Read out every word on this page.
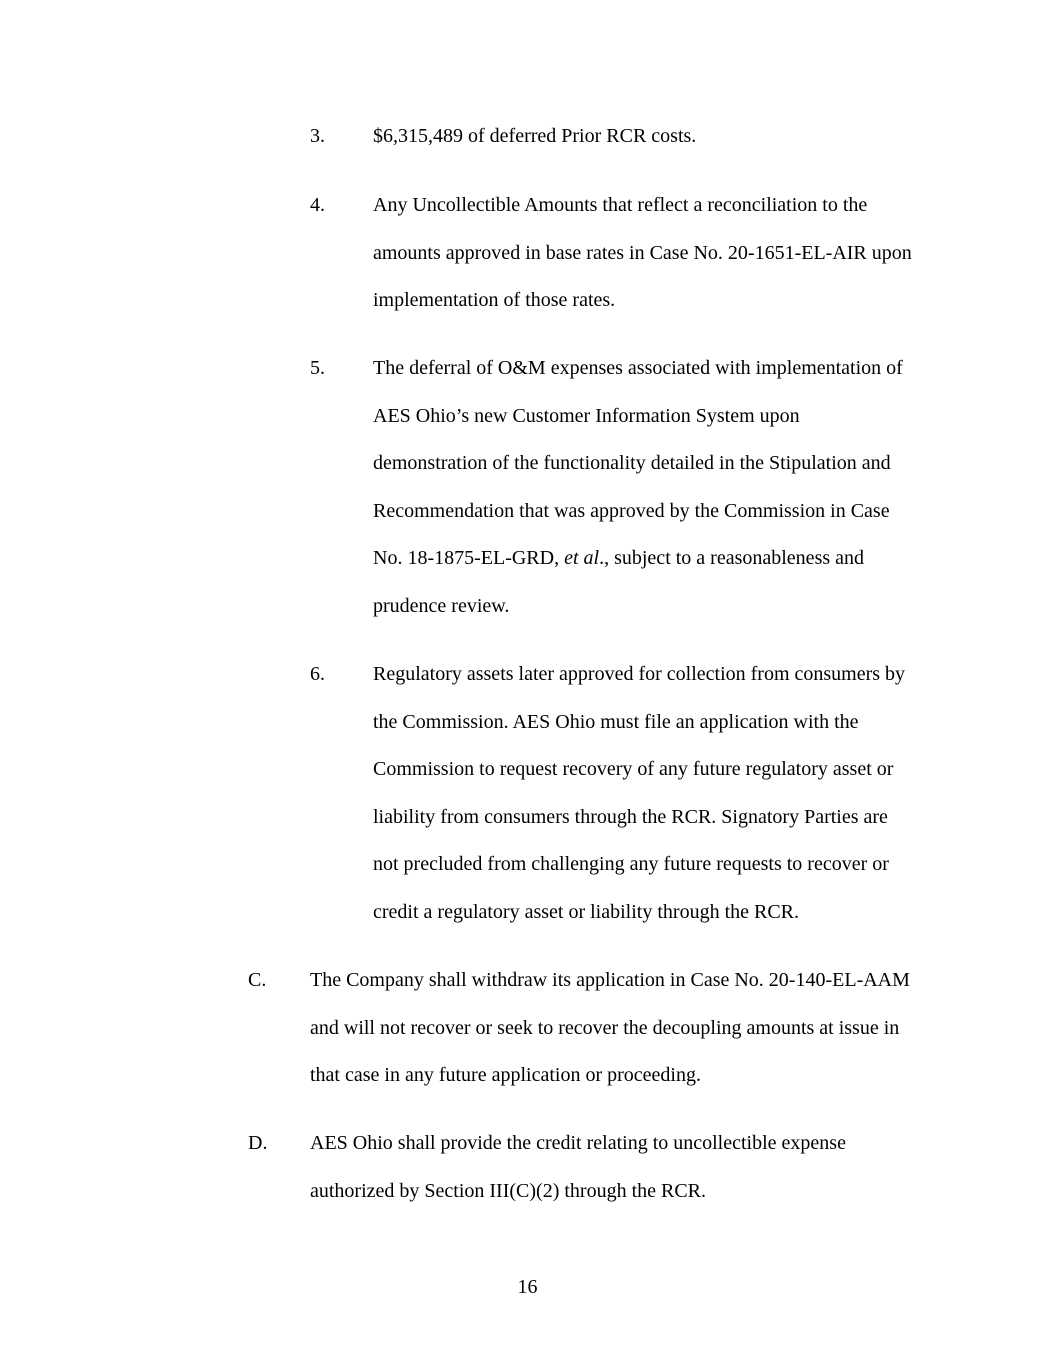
3. $6,315,489 of deferred Prior RCR costs.
4. Any Uncollectible Amounts that reflect a reconciliation to the
amounts approved in base rates in Case No. 20-1651-EL-AIR upon
implementation of those rates.
5. The deferral of O&M expenses associated with implementation of
AES Ohio’s new Customer Information System upon
demonstration of the functionality detailed in the Stipulation and
Recommendation that was approved by the Commission in Case
No. 18-1875-EL-GRD, et al., subject to a reasonableness and
prudence review.
6. Regulatory assets later approved for collection from consumers by
the Commission. AES Ohio must file an application with the
Commission to request recovery of any future regulatory asset or
liability from consumers through the RCR. Signatory Parties are
not precluded from challenging any future requests to recover or
credit a regulatory asset or liability through the RCR.
C. The Company shall withdraw its application in Case No. 20-140-EL-AAM
and will not recover or seek to recover the decoupling amounts at issue in
that case in any future application or proceeding.
D. AES Ohio shall provide the credit relating to uncollectible expense
authorized by Section III(C)(2) through the RCR.
16
